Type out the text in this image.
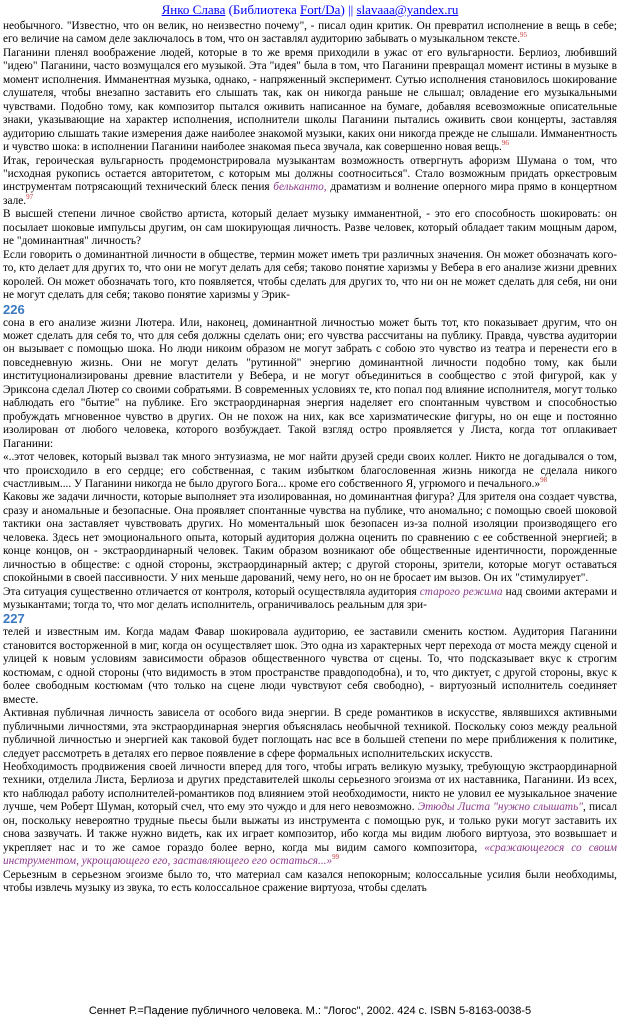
Янко Слава (Библиотека Fort/Da) || slavaaa@yandex.ru

необычного. "Известно, что он велик, но неизвестно почему", - писал один критик. Он превратил исполнение в вещь в себе; его величие на самом деле заключалось в том, что он заставлял аудиторию забывать о музыкальном тексте.$^{95}$

Паганини пленял воображение людей, которые в то же время приходили в ужас от его вульгарности. Берлиоз, любивший "идею" Паганини, часто возмущался его музыкой. Эта "идея" была в том, что Паганини превращал момент истины в музыке в момент исполнения. Имманентная музыка, однако, - напряженный эксперимент. Сутью исполнения становилось шокирование слушателя, чтобы внезапно заставить его слышать так, как он никогда раньше не слышал; овладение его музыкальными чувствами. Подобно тому, как композитор пытался оживить написанное на бумаге, добавляя всевозможные описательные знаки, указывающие на характер исполнения, исполнители школы Паганини пытались оживить свои концерты, заставляя аудиторию слышать такие измерения даже наиболее знакомой музыки, каких они никогда прежде не слышали. Имманентность и чувство шока: в исполнении Паганини наиболее знакомая пьеса звучала, как совершенно новая вещь.$^{96}$

Итак, героическая вульгарность продемонстрировала музыкантам возможность отвергнуть афоризм Шумана о том, что "исходная рукопись остается авторитетом, с которым мы должны соотноситься". Стало возможным придать оркестровым инструментам потрясающий технический блеск пения бельканто, драматизм и волнение оперного мира прямо в концертном зале.$^{97}$

В высшей степени личное свойство артиста, который делает музыку имманентной, - это его способность шокировать: он посылает шоковые импульсы другим, он сам шокирующая личность. Разве человек, который обладает таким мощным даром, не "доминантная" личность?

Если говорить о доминантной личности в обществе, термин может иметь три различных значения. Он может обозначать кого-то, кто делает для других то, что они не могут делать для себя; таково понятие харизмы у Вебера в его анализе жизни древних королей. Он может обозначать того, кто появляется, чтобы сделать для других то, что ни он не может сделать для себя, ни они не могут сделать для себя; таково понятие харизмы у Эрик-

226

сона в его анализе жизни Лютера. Или, наконец, доминантной личностью может быть тот, кто показывает другим, что он может сделать для себя то, что для себя должны сделать они; его чувства рассчитаны на публику. Правда, чувства аудитории он вызывает с помощью шока. Но люди никоим образом не могут забрать с собою это чувство из театра и перенести его в повседневную жизнь. Они не могут делать "рутинной" энергию доминантной личности подобно тому, как были институционализированы древние властители у Вебера, и не могут объединиться в сообщество с этой фигурой, как у Эриксона сделал Лютер со своими собратьями. В современных условиях те, кто попал под влияние исполнителя, могут только наблюдать его "бытие" на публике. Его экстраординарная энергия наделяет его спонтанным чувством и способностью пробуждать мгновенное чувство в других. Он не похож на них, как все харизматические фигуры, но он еще и постоянно изолирован от любого человека, которого возбуждает. Такой взгляд остро проявляется у Листа, когда тот оплакивает Паганини:

«..этот человек, который вызвал так много энтузиазма, не мог найти друзей среди своих коллег. Никто не догадывался о том, что происходило в его сердце; его собственная, с таким избытком благословенная жизнь никогда не сделала никого счастливым.... У Паганини никогда не было другого Бога... кроме его собственного Я, угрюмого и печального.»$^{98}$

Каковы же задачи личности, которые выполняет эта изолированная, но доминантная фигура? Для зрителя она создает чувства, сразу и аномальные и безопасные. Она проявляет спонтанные чувства на публике, что аномально; с помощью своей шоковой тактики она заставляет чувствовать других. Но моментальный шок безопасен из-за полной изоляции производящего его человека. Здесь нет эмоционального опыта, который аудитория должна оценить по сравнению с ее собственной энергией; в конце концов, он - экстраординарный человек. Таким образом возникают обе общественные идентичности, порожденные личностью в обществе: с одной стороны, экстраординарный актер; с другой стороны, зрители, которые могут оставаться спокойными в своей пассивности. У них меньше дарований, чему него, но он не бросает им вызов. Он их "стимулирует".

Эта ситуация существенно отличается от контроля, который осуществляла аудитория старого режима над своими актерами и музыкантами; тогда то, что мог делать исполнитель, ограничивалось реальным для зри-

227

телей и известным им. Когда мадам Фавар шокировала аудиторию, ее заставили сменить костюм. Аудитория Паганини становится восторженной в миг, когда он осуществляет шок. Это одна из характерных черт перехода от моста между сценой и улицей к новым условиям зависимости образов общественного чувства от сцены. То, что подсказывает вкус к строгим костюмам, с одной стороны (что видимость в этом пространстве правдоподобна), и то, что диктует, с другой стороны, вкус к более свободным костюмам (что только на сцене люди чувствуют себя свободно), - виртуозный исполнитель соединяет вместе.

Активная публичная личность зависела от особого вида энергии. В среде романтиков в искусстве, являвшихся активными публичными личностями, эта экстраординарная энергия объяснялась необычной техникой. Поскольку союз между реальной публичной личностью и энергией как таковой будет поглощать нас все в большей степени по мере приближения к политике, следует рассмотреть в деталях его первое появление в сфере формальных исполнительских искусств.

Необходимость продвижения своей личности вперед для того, чтобы играть великую музыку, требующую экстраординарной техники, отделила Листа, Берлиоза и других представителей школы серьезного эгоизма от их наставника, Паганини. Из всех, кто наблюдал работу исполнителей-романтиков под влиянием этой необходимости, никто не уловил ее музыкальное значение лучше, чем Роберт Шуман, который счел, что ему это чуждо и для него невозможно. Этюды Листа "нужно слышать", писал он, поскольку невероятно трудные пьесы были выжаты из инструмента с помощью рук, и только руки могут заставить их снова зазвучать. И также нужно видеть, как их играет композитор, ибо когда мы видим любого виртуоза, это возвышает и укрепляет нас и то же самое гораздо более верно, когда мы видим самого композитора, «сражающегося со своим инструментом, укрощающего его, заставляющего его остаться...»$^{99}$

Серьезным в серьезном эгоизме было то, что материал сам казался непокорным; колоссальные усилия были необходимы, чтобы извлечь музыку из звука, то есть колоссальное сражение виртуоза, чтобы сделать

Сеннет Р.=Падение публичного человека. М.: "Логос", 2002. 424 с. ISBN 5-8163-0038-5
